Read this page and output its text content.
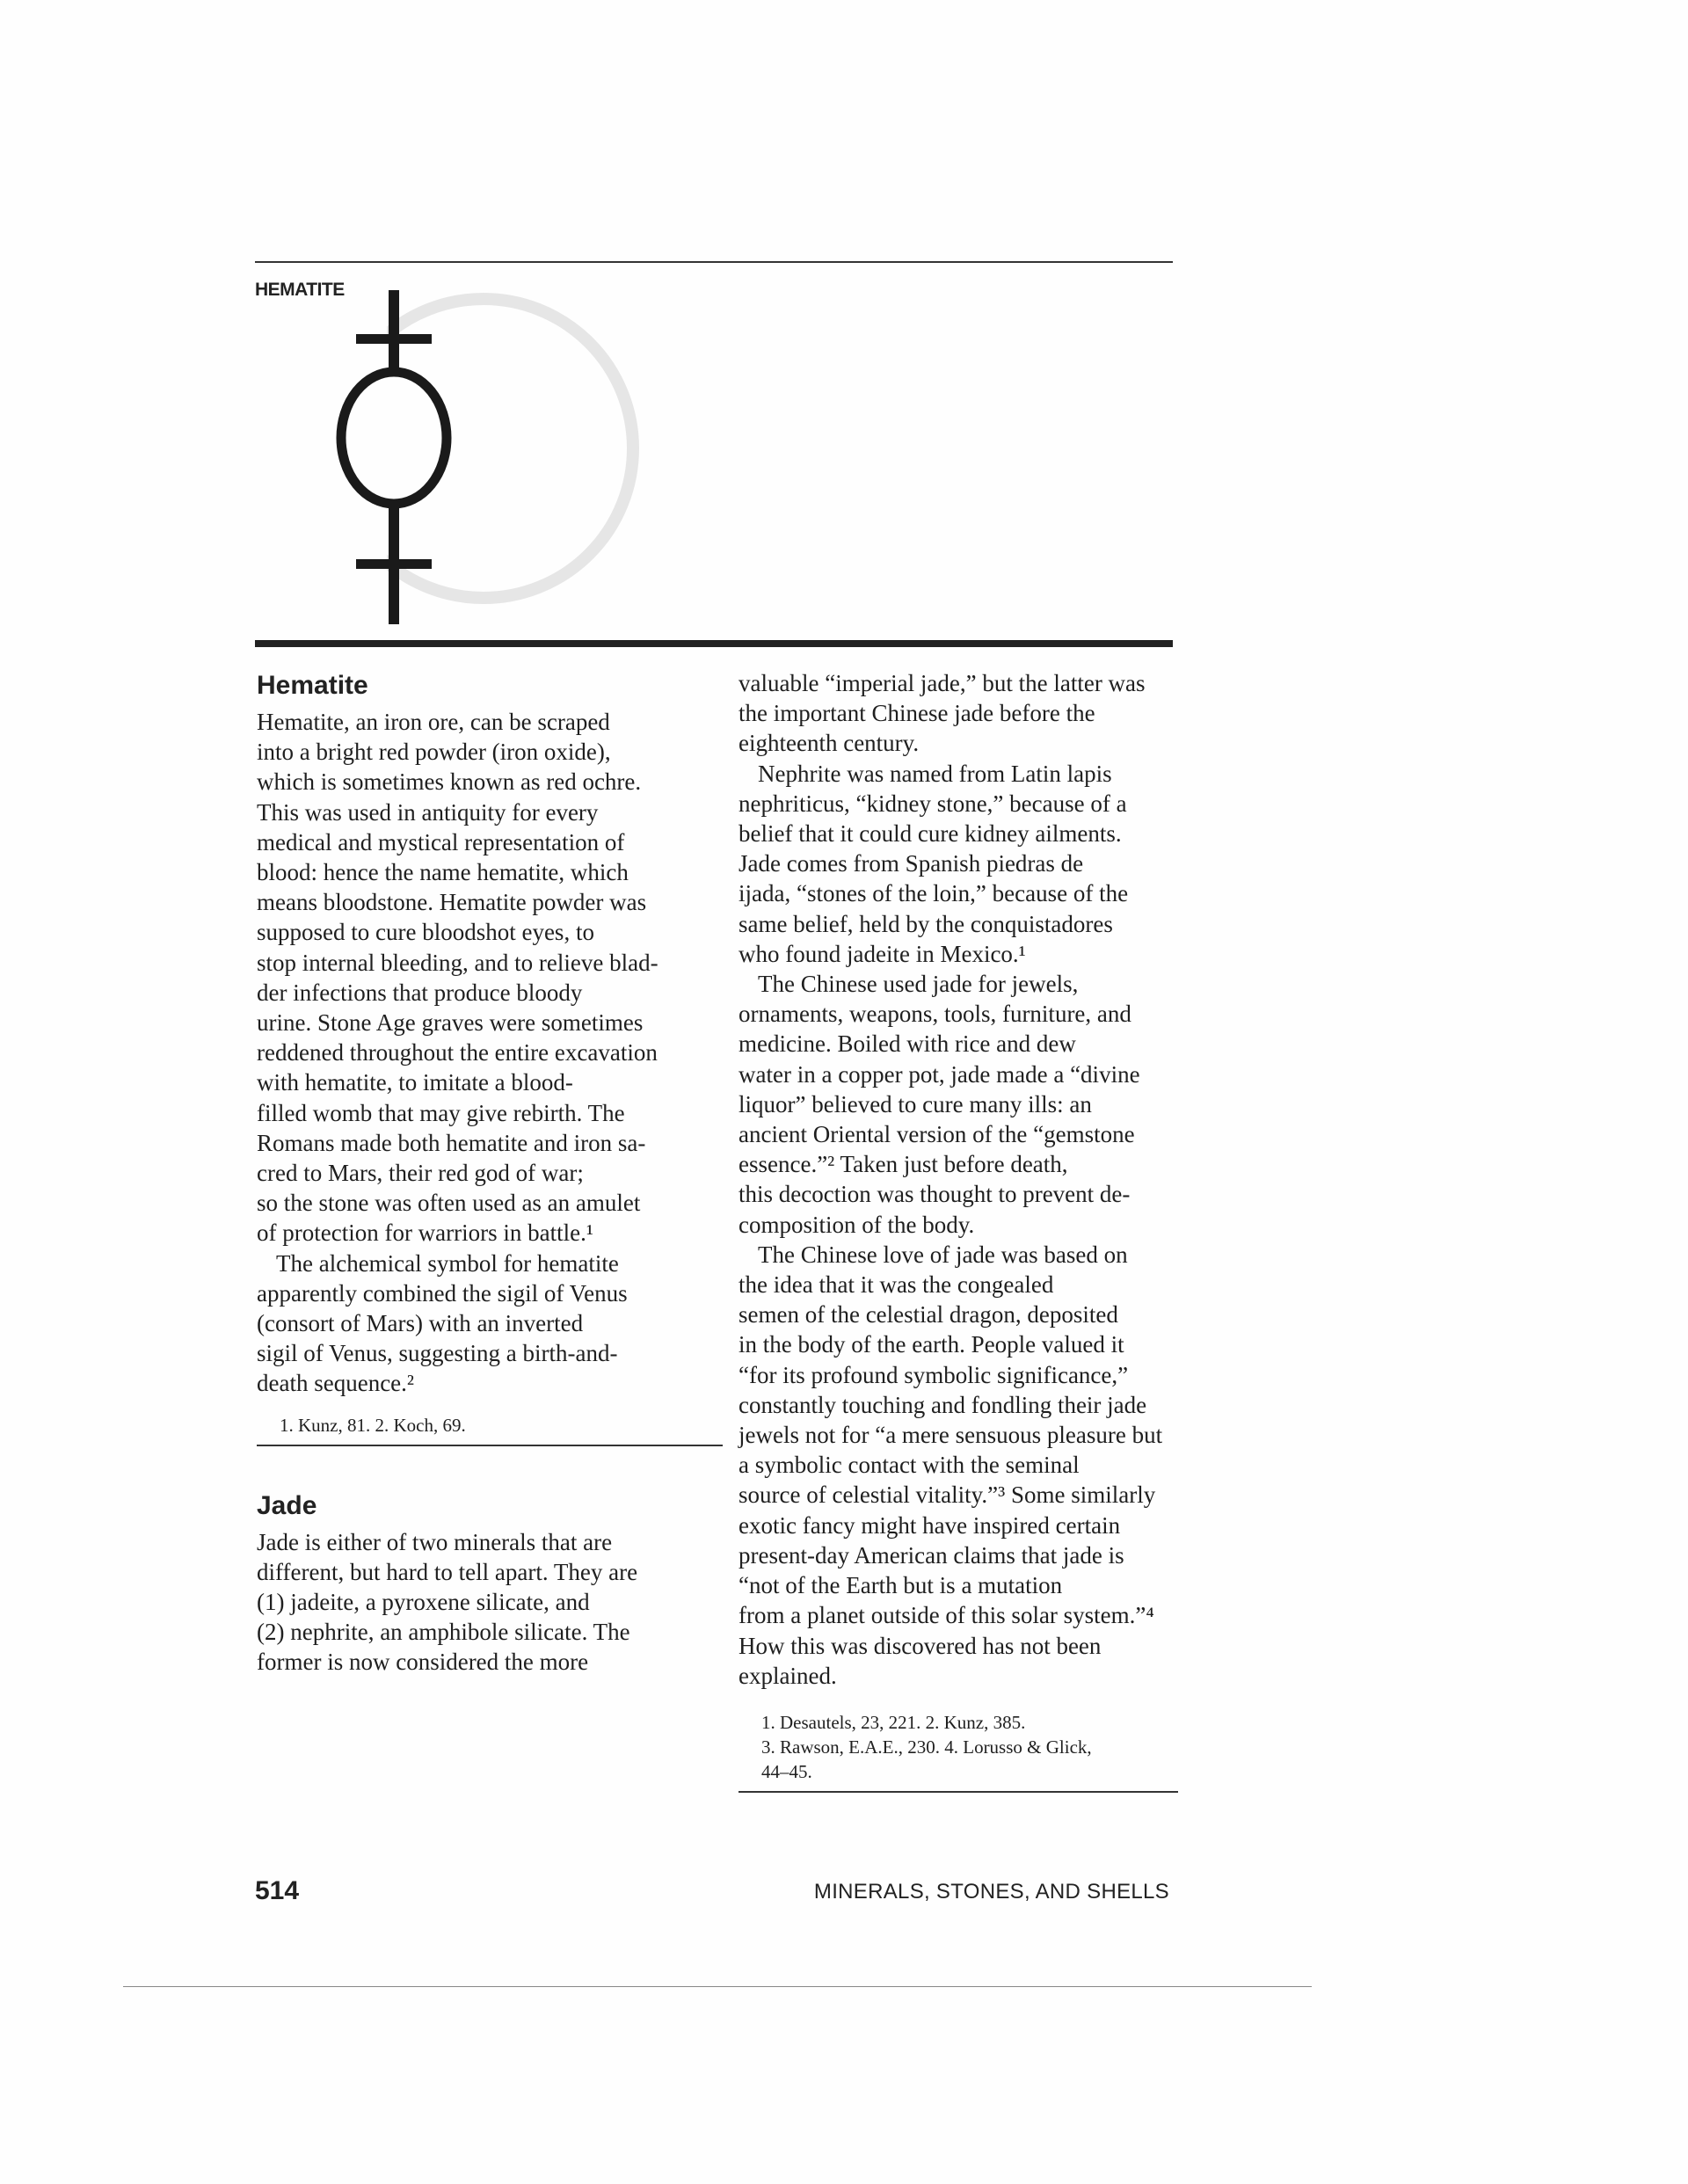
HEMATITE
Hematite
Hematite, an iron ore, can be scraped
into a bright red powder (iron oxide),
which is sometimes known as red ochre.
This was used in antiquity for every
medical and mystical representation of
blood: hence the name hematite, which
means bloodstone. Hematite powder was
supposed to cure bloodshot eyes, to
stop internal bleeding, and to relieve blad-
der infections that produce bloody
urine. Stone Age graves were sometimes
reddened throughout the entire excavation
with hematite, to imitate a blood-
filled womb that may give rebirth. The
Romans made both hematite and iron sa-
cred to Mars, their red god of war;
so the stone was often used as an amulet
of protection for warriors in battle.¹
The alchemical symbol for hematite
apparently combined the sigil of Venus
(consort of Mars) with an inverted
sigil of Venus, suggesting a birth-and-
death sequence.²
1. Kunz, 81. 2. Koch, 69.
Jade
Jade is either of two minerals that are
different, but hard to tell apart. They are
(1) jadeite, a pyroxene silicate, and
(2) nephrite, an amphibole silicate. The
former is now considered the more
valuable “imperial jade,” but the latter was
the important Chinese jade before the
eighteenth century.
Nephrite was named from Latin lapis
nephriticus, “kidney stone,” because of a
belief that it could cure kidney ailments.
Jade comes from Spanish piedras de
ijada, “stones of the loin,” because of the
same belief, held by the conquistadores
who found jadeite in Mexico.¹
The Chinese used jade for jewels,
ornaments, weapons, tools, furniture, and
medicine. Boiled with rice and dew
water in a copper pot, jade made a “divine
liquor” believed to cure many ills: an
ancient Oriental version of the “gemstone
essence.”² Taken just before death,
this decoction was thought to prevent de-
composition of the body.
The Chinese love of jade was based on
the idea that it was the congealed
semen of the celestial dragon, deposited
in the body of the earth. People valued it
“for its profound symbolic significance,”
constantly touching and fondling their jade
jewels not for “a mere sensuous pleasure but
a symbolic contact with the seminal
source of celestial vitality.”³ Some similarly
exotic fancy might have inspired certain
present-day American claims that jade is
“not of the Earth but is a mutation
from a planet outside of this solar system.”⁴
How this was discovered has not been
explained.
1. Desautels, 23, 221. 2. Kunz, 385.
3. Rawson, E.A.E., 230. 4. Lorusso & Glick,
44–45.
514	MINERALS, STONES, AND SHELLS
